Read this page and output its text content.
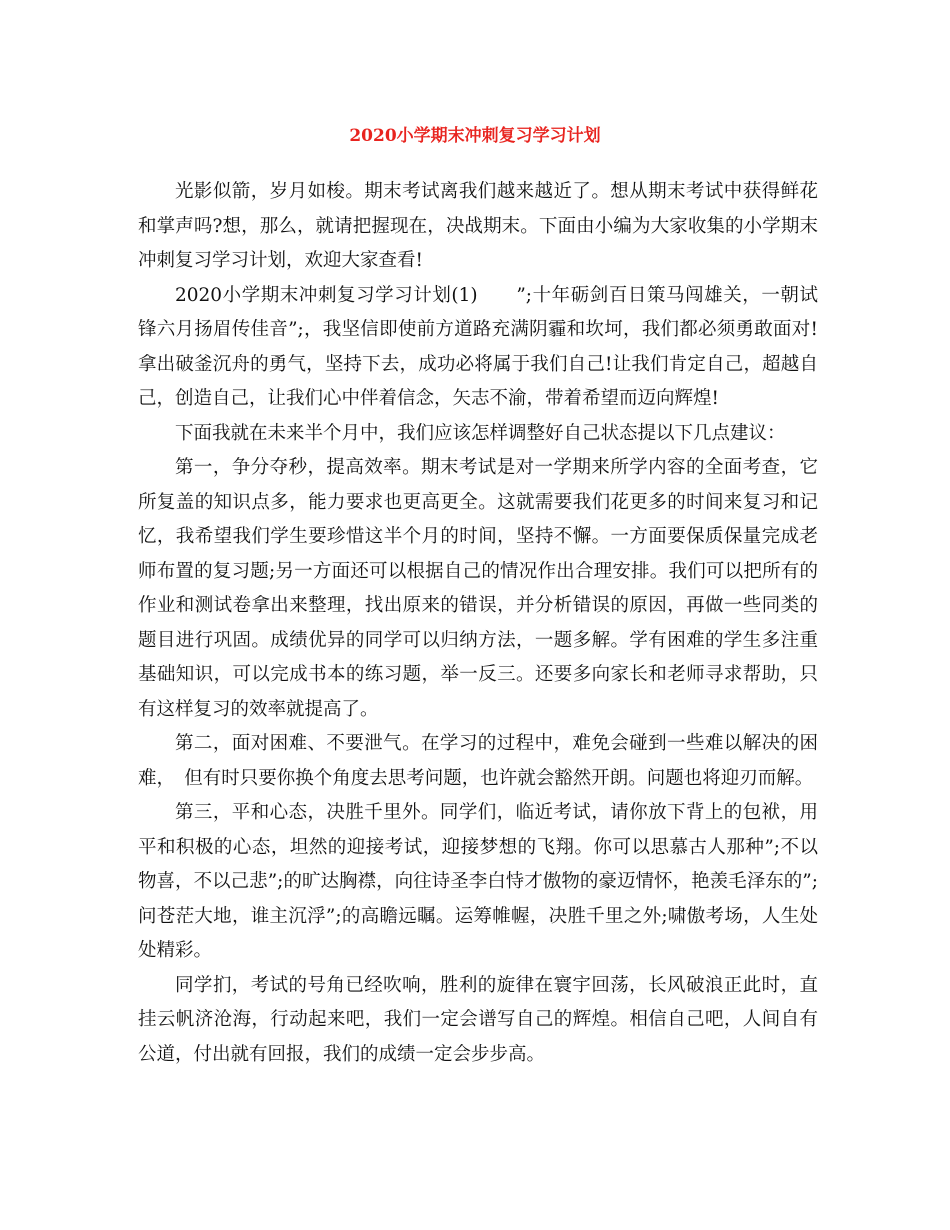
2020小学期末冲刺复习学习计划

光影似箭，岁月如梭。期末考试离我们越来越近了。想从期末考试中获得鲜花和掌声吗?想，那么，就请把握现在，决战期末。下面由小编为大家收集的小学期末冲刺复习学习计划，欢迎大家查看!

2020小学期末冲刺复习学习计划(1)　　”;十年砺剑百日策马闯雄关，一朝试锋六月扬眉传佳音”;，我坚信即使前方道路充满阴霾和坎坷，我们都必须勇敢面对!拿出破釜沉舟的勇气，坚持下去，成功必将属于我们自己!让我们肯定自己，超越自己，创造自己，让我们心中伴着信念，矢志不渝，带着希望而迈向辉煌!

下面我就在未来半个月中，我们应该怎样调整好自己状态提以下几点建议：

第一，争分夺秒，提高效率。期末考试是对一学期来所学内容的全面考查，它所复盖的知识点多，能力要求也更高更全。这就需要我们花更多的时间来复习和记忆，我希望我们学生要珍惜这半个月的时间，坚持不懈。一方面要保质保量完成老师布置的复习题;另一方面还可以根据自己的情况作出合理安排。我们可以把所有的作业和测试卷拿出来整理，找出原来的错误，并分析错误的原因，再做一些同类的题目进行巩固。成绩优异的同学可以归纳方法，一题多解。学有困难的学生多注重基础知识，可以完成书本的练习题，举一反三。还要多向家长和老师寻求帮助，只有这样复习的效率就提高了。

第二，面对困难、不要泄气。在学习的过程中，难免会碰到一些难以解决的困难，　但有时只要你换个角度去思考问题，也许就会豁然开朗。问题也将迎刃而解。

第三，平和心态，决胜千里外。同学们，临近考试，请你放下背上的包袱，用平和积极的心态，坦然的迎接考试，迎接梦想的飞翔。你可以思慕古人那种”;不以物喜，不以己悲”;的旷达胸襟，向往诗圣李白恃才傲物的豪迈情怀，艳羡毛泽东的”;问苍茫大地，谁主沉浮”;的高瞻远瞩。运筹帷幄，决胜千里之外;啸傲考场，人生处处精彩。

同学扪，考试的号角已经吹响，胜利的旋律在寰宇回荡，长风破浪正此时，直挂云帆济沧海，行动起来吧，我们一定会谱写自己的辉煌。相信自己吧，人间自有公道，付出就有回报，我们的成绩一定会步步高。
